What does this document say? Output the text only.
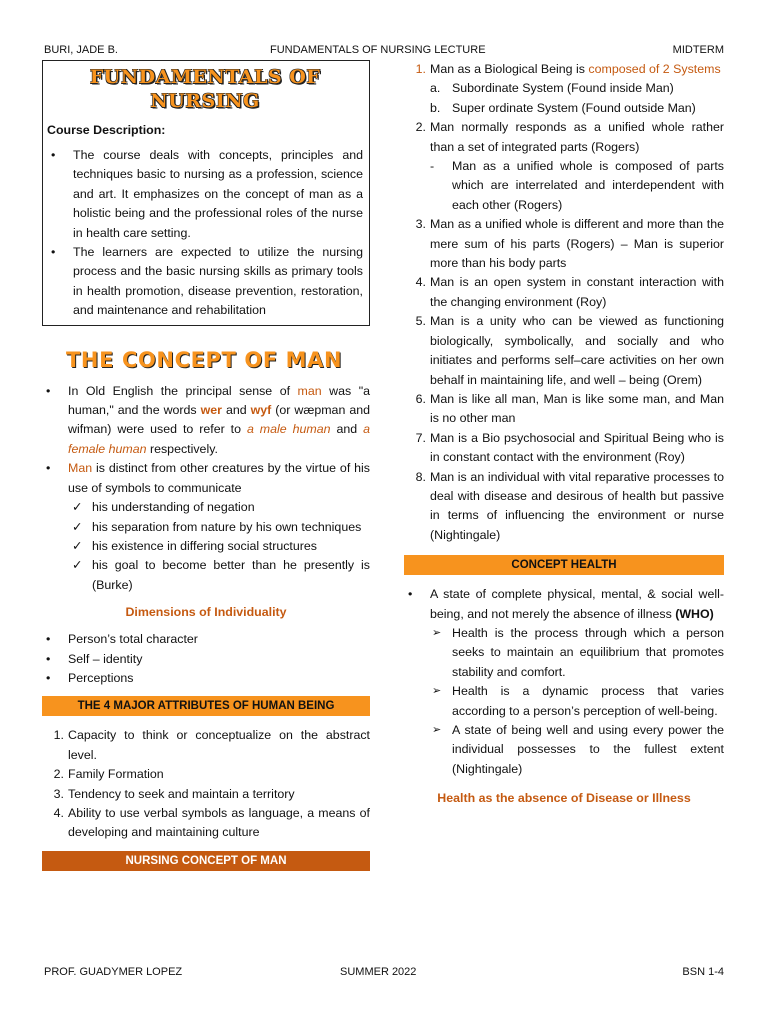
BURI, JADE B.	FUNDAMENTALS OF NURSING LECTURE	MIDTERM
FUNDAMENTALS OF
NURSING
Course Description:
• The course deals with concepts, principles and techniques basic to nursing as a profession, science and art. It emphasizes on the concept of man as a holistic being and the professional roles of the nurse in health care setting.
• The learners are expected to utilize the nursing process and the basic nursing skills as primary tools in health promotion, disease prevention, restoration, and maintenance and rehabilitation
THE CONCEPT OF MAN
• In Old English the principal sense of man was "a human," and the words wer and wyf (or wæpman and wifman) were used to refer to a male human and a female human respectively.
• Man is distinct from other creatures by the virtue of his use of symbols to communicate
✓ his understanding of negation
✓ his separation from nature by his own techniques
✓ his existence in differing social structures
✓ his goal to become better than he presently is (Burke)
Dimensions of Individuality
• Person’s total character
• Self – identity
• Perceptions
THE 4 MAJOR ATTRIBUTES OF HUMAN BEING
1. Capacity to think or conceptualize on the abstract level.
2. Family Formation
3. Tendency to seek and maintain a territory
4. Ability to use verbal symbols as language, a means of developing and maintaining culture
NURSING CONCEPT OF MAN
1. Man as a Biological Being is composed of 2 Systems
a. Subordinate System (Found inside Man)
b. Super ordinate System (Found outside Man)
2. Man normally responds as a unified whole rather than a set of integrated parts (Rogers)
- Man as a unified whole is composed of parts which are interrelated and interdependent with each other (Rogers)
3. Man as a unified whole is different and more than the mere sum of his parts (Rogers) – Man is superior more than his body parts
4. Man is an open system in constant interaction with the changing environment (Roy)
5. Man is a unity who can be viewed as functioning biologically, symbolically, and socially and who initiates and performs self–care activities on her own behalf in maintaining life, and well – being (Orem)
6. Man is like all man, Man is like some man, and Man is no other man
7. Man is a Bio psychosocial and Spiritual Being who is in constant contact with the environment (Roy)
8. Man is an individual with vital reparative processes to deal with disease and desirous of health but passive in terms of influencing the environment or nurse (Nightingale)
CONCEPT HEALTH
• A state of complete physical, mental, & social well-being, and not merely the absence of illness (WHO)
➢ Health is the process through which a person seeks to maintain an equilibrium that promotes stability and comfort.
➢ Health is a dynamic process that varies according to a person’s perception of well-being.
➢ A state of being well and using every power the individual possesses to the fullest extent (Nightingale)
Health as the absence of Disease or Illness
PROF. GUADYMER LOPEZ	SUMMER 2022	BSN 1-4
